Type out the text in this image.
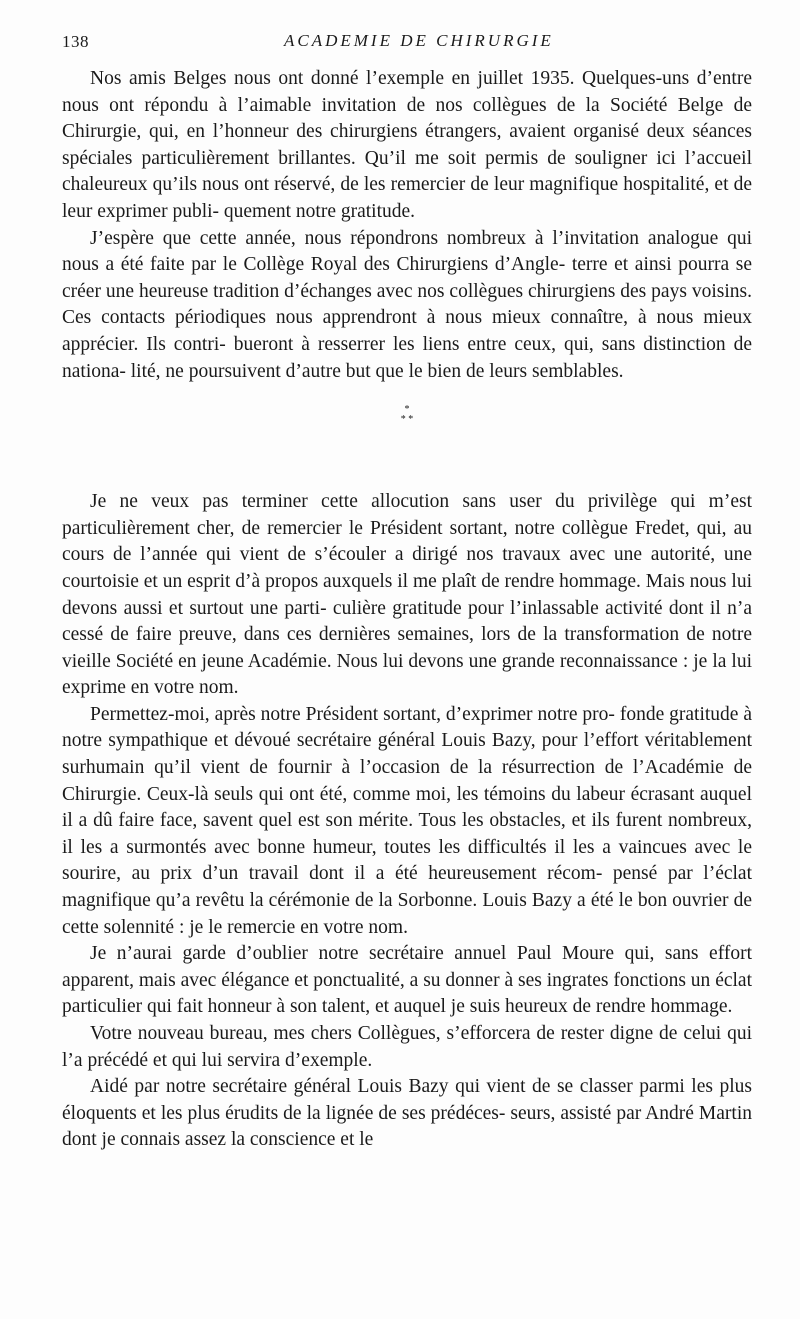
138	ACADEMIE DE CHIRURGIE

Nos amis Belges nous ont donné l’exemple en juillet 1935. Quelques-uns d’entre nous ont répondu à l’aimable invitation de nos collègues de la Société Belge de Chirurgie, qui, en l’honneur des chirurgiens étrangers, avaient organisé deux séances spéciales particulièrement brillantes. Qu’il me soit permis de souligner ici l’accueil chaleureux qu’ils nous ont réservé, de les remercier de leur magnifique hospitalité, et de leur exprimer publi- quement notre gratitude.

J’espère que cette année, nous répondrons nombreux à l’invitation analogue qui nous a été faite par le Collège Royal des Chirurgiens d’Angle- terre et ainsi pourra se créer une heureuse tradition d’échanges avec nos collègues chirurgiens des pays voisins. Ces contacts périodiques nous apprendront à nous mieux connaître, à nous mieux apprécier. Ils contri- bueront à resserrer les liens entre ceux, qui, sans distinction de nationa- lité, ne poursuivent d’autre but que le bien de leurs semblables.

*
* *

Je ne veux pas terminer cette allocution sans user du privilège qui m’est particulièrement cher, de remercier le Président sortant, notre collègue Fredet, qui, au cours de l’année qui vient de s’écouler a dirigé nos travaux avec une autorité, une courtoisie et un esprit d’à propos auxquels il me plaît de rendre hommage. Mais nous lui devons aussi et surtout une parti- culière gratitude pour l’inlassable activité dont il n’a cessé de faire preuve, dans ces dernières semaines, lors de la transformation de notre vieille Société en jeune Académie. Nous lui devons une grande reconnaissance : je la lui exprime en votre nom.

Permettez-moi, après notre Président sortant, d’exprimer notre pro- fonde gratitude à notre sympathique et dévoué secrétaire général Louis Bazy, pour l’effort véritablement surhumain qu’il vient de fournir à l’occasion de la résurrection de l’Académie de Chirurgie. Ceux-là seuls qui ont été, comme moi, les témoins du labeur écrasant auquel il a dû faire face, savent quel est son mérite. Tous les obstacles, et ils furent nombreux, il les a surmontés avec bonne humeur, toutes les difficultés il les a vaincues avec le sourire, au prix d’un travail dont il a été heureusement récom- pensé par l’éclat magnifique qu’a revêtu la cérémonie de la Sorbonne. Louis Bazy a été le bon ouvrier de cette solennité : je le remercie en votre nom.

Je n’aurai garde d’oublier notre secrétaire annuel Paul Moure qui, sans effort apparent, mais avec élégance et ponctualité, a su donner à ses ingrates fonctions un éclat particulier qui fait honneur à son talent, et auquel je suis heureux de rendre hommage.

Votre nouveau bureau, mes chers Collègues, s’efforcera de rester digne de celui qui l’a précédé et qui lui servira d’exemple.

Aidé par notre secrétaire général Louis Bazy qui vient de se classer parmi les plus éloquents et les plus érudits de la lignée de ses prédéces- seurs, assisté par André Martin dont je connais assez la conscience et le
